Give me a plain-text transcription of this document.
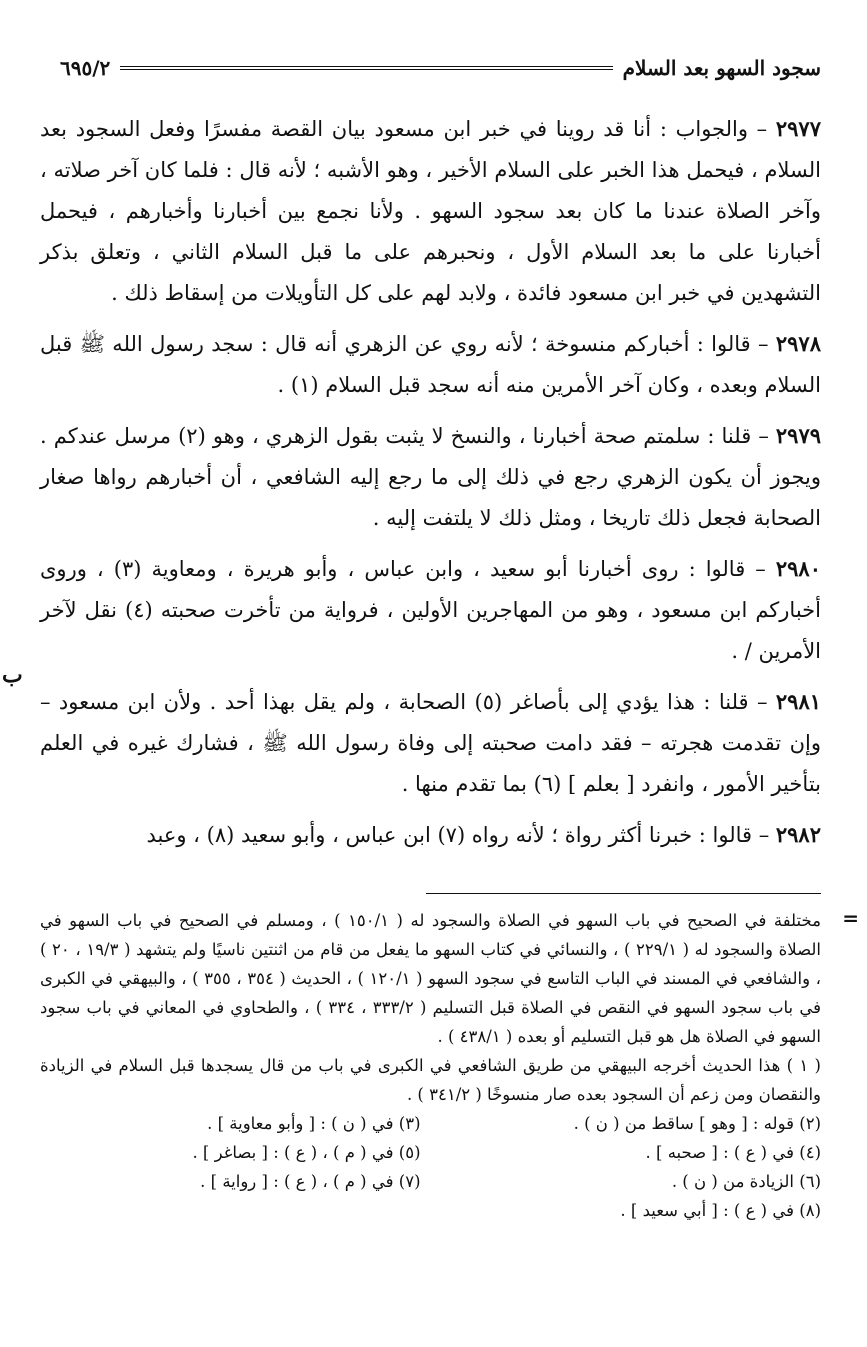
سجود السهو بعد السلام
٦٩٥/٢

٢٩٧٧ – والجواب : أنا قد روينا في خبر ابن مسعود بيان القصة مفسرًا وفعل السجود بعد السلام ، فيحمل هذا الخبر على السلام الأخير ، وهو الأشبه ؛ لأنه قال : فلما كان آخر صلاته ، وآخر الصلاة عندنا ما كان بعد سجود السهو . ولأنا نجمع بين أخبارنا وأخبارهم ، فيحمل أخبارنا على ما بعد السلام الأول ، ونحبرهم على ما قبل السلام الثاني ، وتعلق بذكر التشهدين في خبر ابن مسعود فائدة ، ولابد لهم على كل التأويلات من إسقاط ذلك .

٢٩٧٨ – قالوا : أخباركم منسوخة ؛ لأنه روي عن الزهري أنه قال : سجد رسول الله ﷺ قبل السلام وبعده ، وكان آخر الأمرين منه أنه سجد قبل السلام (١) .

٢٩٧٩ – قلنا : سلمتم صحة أخبارنا ، والنسخ لا يثبت بقول الزهري ، وهو (٢) مرسل عندكم . ويجوز أن يكون الزهري رجع في ذلك إلى ما رجع إليه الشافعي ، أن أخبارهم رواها صغار الصحابة فجعل ذلك تاريخا ، ومثل ذلك لا يلتفت إليه .

٢٩٨٠ – قالوا : روى أخبارنا أبو سعيد ، وابن عباس ، وأبو هريرة ، ومعاوية (٣) ، وروى أخباركم ابن مسعود ، وهو من المهاجرين الأولين ، فرواية من تأخرت صحبته (٤) نقل لآخر الأمرين / .

٢٩٨١ – قلنا : هذا يؤدي إلى بأصاغر (٥) الصحابة ، ولم يقل بهذا أحد . ولأن ابن مسعود – وإن تقدمت هجرته – فقد دامت صحبته إلى وفاة رسول الله ﷺ ، فشارك غيره في العلم بتأخير الأمور ، وانفرد [ بعلم ] (٦) بما تقدم منها .

٢٩٨٢ – قالوا : خبرنا أكثر رواة ؛ لأنه رواه (٧) ابن عباس ، وأبو سعيد (٨) ، وعبد

ب
=

مختلفة في الصحيح في باب السهو في الصلاة والسجود له ( ١٥٠/١ ) ، ومسلم في الصحيح في باب السهو في الصلاة والسجود له ( ٢٢٩/١ ) ، والنسائي في كتاب السهو ما يفعل من قام من اثنتين ناسيًا ولم يتشهد ( ١٩/٣ ، ٢٠ ) ، والشافعي في المسند في الباب التاسع في سجود السهو ( ١٢٠/١ ) ، الحديث ( ٣٥٤ ، ٣٥٥ ) ، والبيهقي في الكبرى في باب سجود السهو في النقص في الصلاة قبل التسليم ( ٣٣٣/٢ ، ٣٣٤ ) ، والطحاوي في المعاني في باب سجود السهو في الصلاة هل هو قبل التسليم أو بعده ( ٤٣٨/١ ) .

( ١ ) هذا الحديث أخرجه البيهقي من طريق الشافعي في الكبرى في باب من قال يسجدها قبل السلام في الزيادة والنقصان ومن زعم أن السجود بعده صار منسوخًا ( ٣٤١/٢ ) .

(٢) قوله : [ وهو ] ساقط من ( ن ) .
(٣) في ( ن ) : [ وأبو معاوية ] .
(٤) في ( ع ) : [ صحبه ] .
(٥) في ( م ) ، ( ع ) : [ بصاغر ] .
(٦) الزيادة من ( ن ) .
(٧) في ( م ) ، ( ع ) : [ رواية ] .
(٨) في ( ع ) : [ أبي سعيد ] .
